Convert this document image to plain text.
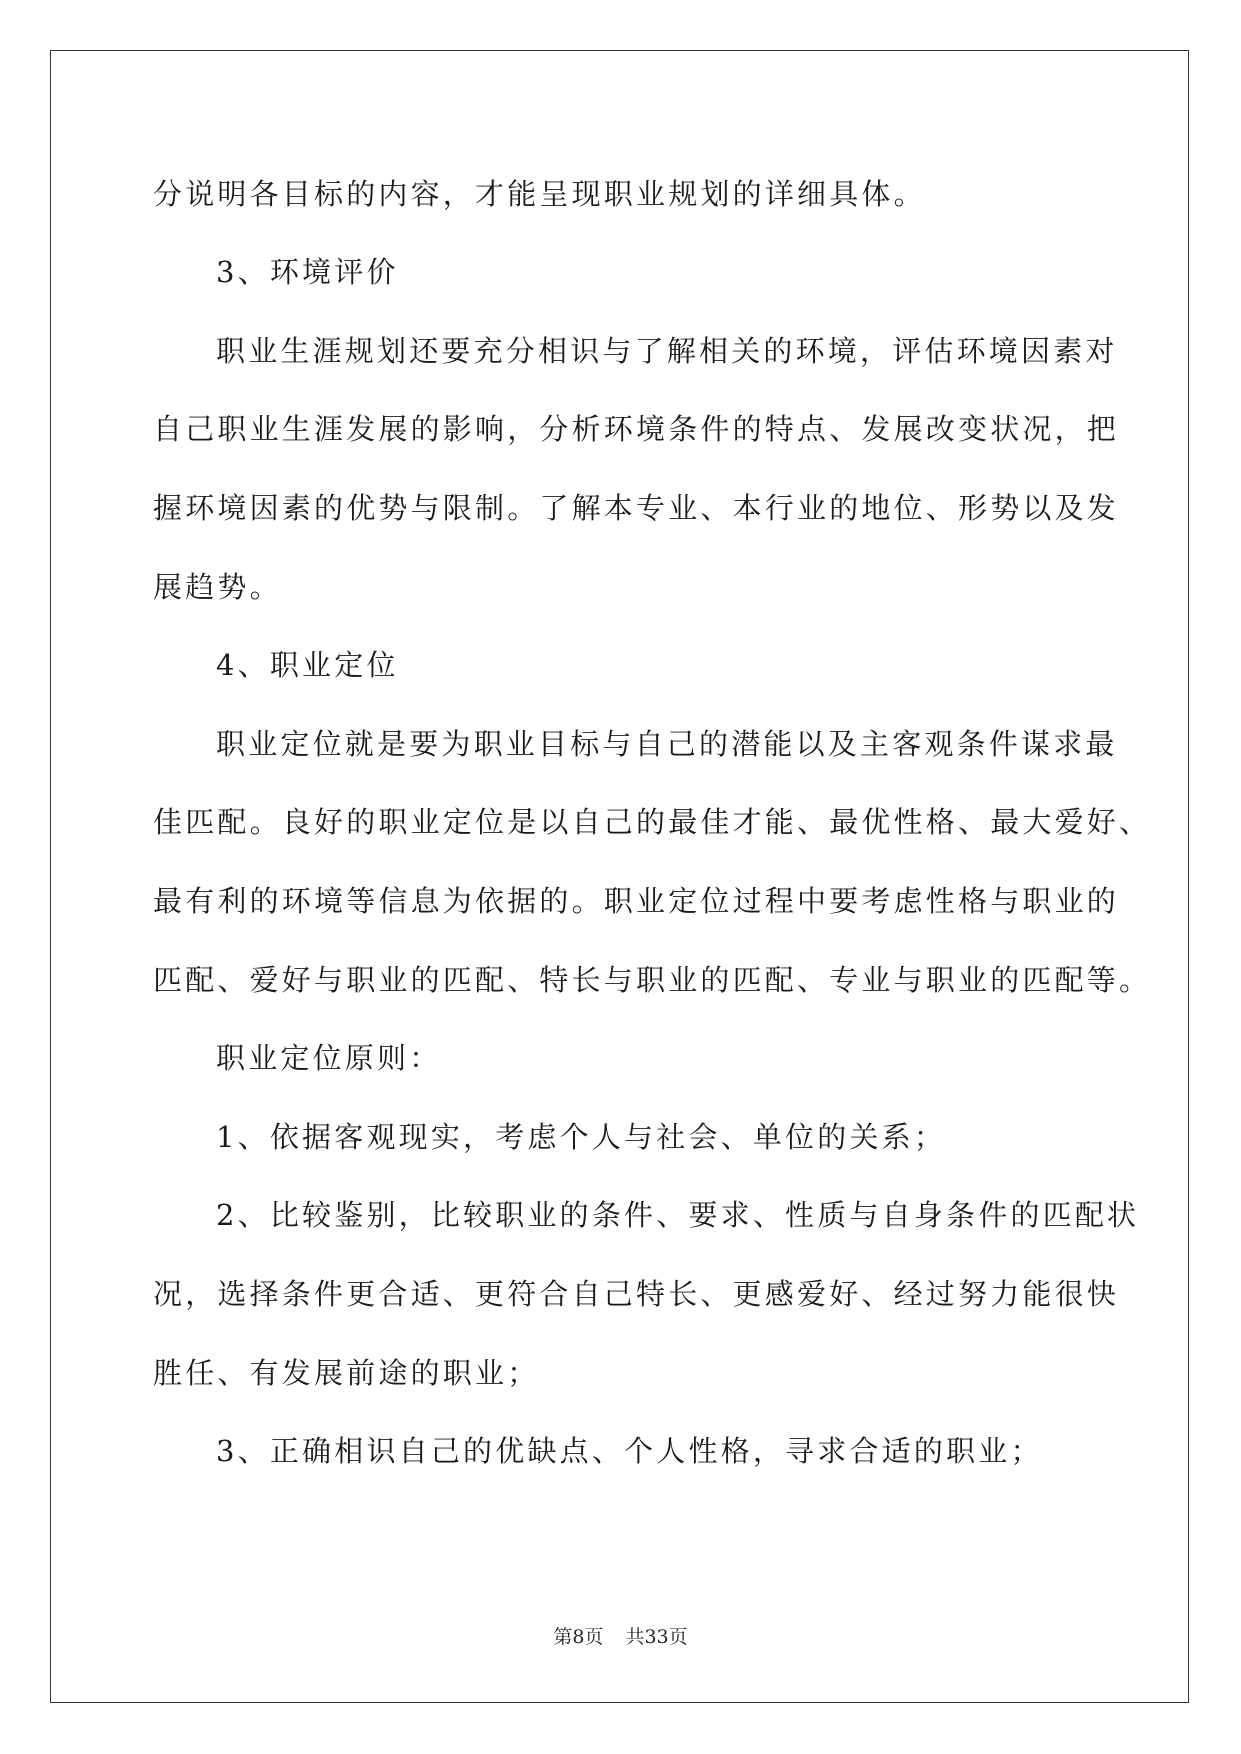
分说明各目标的内容，才能呈现职业规划的详细具体。
3、环境评价
职业生涯规划还要充分相识与了解相关的环境，评估环境因素对
自己职业生涯发展的影响，分析环境条件的特点、发展改变状况，把
握环境因素的优势与限制。了解本专业、本行业的地位、形势以及发
展趋势。
4、职业定位
职业定位就是要为职业目标与自己的潜能以及主客观条件谋求最
佳匹配。良好的职业定位是以自己的最佳才能、最优性格、最大爱好、
最有利的环境等信息为依据的。职业定位过程中要考虑性格与职业的
匹配、爱好与职业的匹配、特长与职业的匹配、专业与职业的匹配等。
职业定位原则：
1、依据客观现实，考虑个人与社会、单位的关系；
2、比较鉴别，比较职业的条件、要求、性质与自身条件的匹配状
况，选择条件更合适、更符合自己特长、更感爱好、经过努力能很快
胜任、有发展前途的职业；
3、正确相识自己的优缺点、个人性格，寻求合适的职业；
第8页 共33页
